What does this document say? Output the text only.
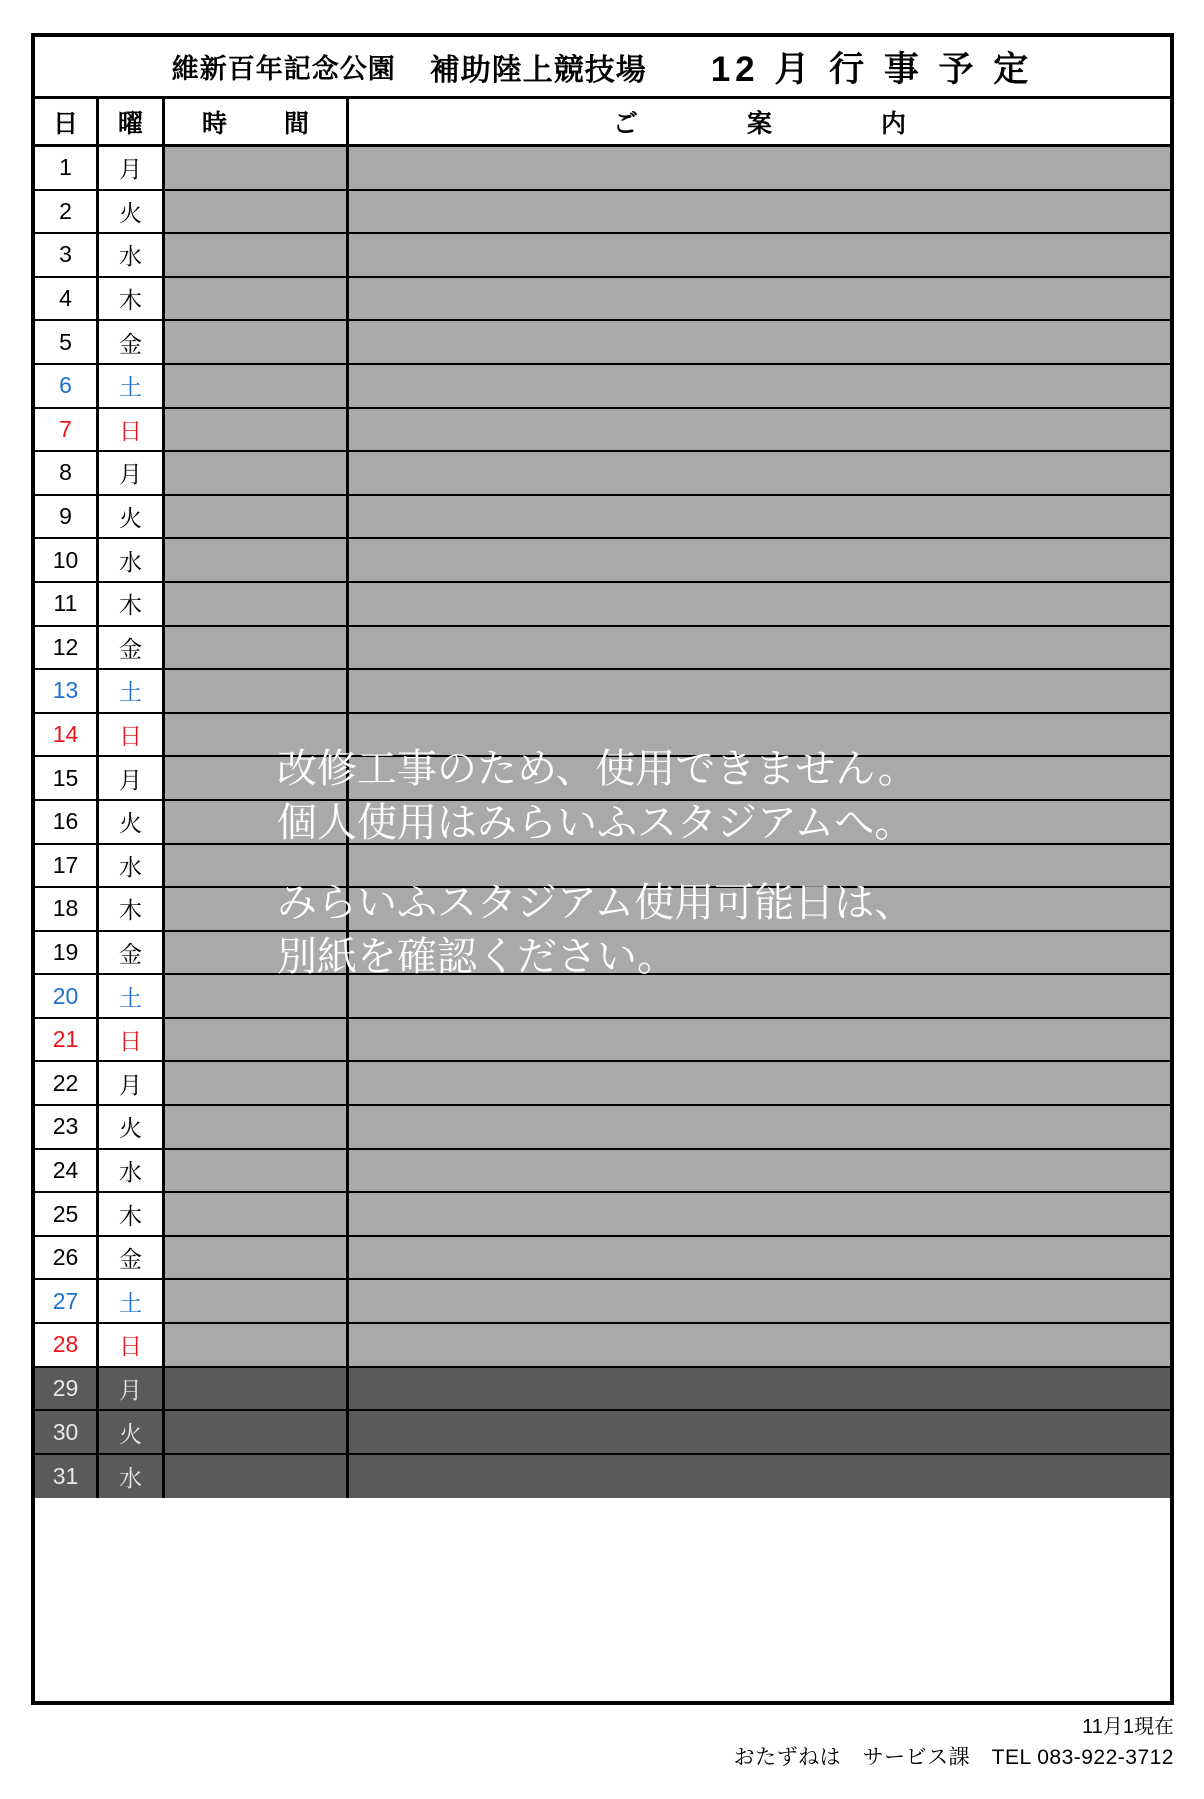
維新百年記念公園 補助陸上競技場 12 月 行 事 予 定
日	曜	時　間	ご　案　内
1	月
2	火
3	水
4	木
5	金
6	土
7	日
8	月
9	火
10	水
11	木
12	金
13	土
14	日
15	月
16	火
17	水
18	木
19	金
20	土
21	日
22	月
23	火
24	水
25	木
26	金
27	土
28	日
29	月
30	火
31	水
改修工事のため、使用できません。
個人使用はみらいふスタジアムへ。
みらいふスタジアム使用可能日は、
別紙を確認ください。
11月1現在
おたずねは　サービス課　TEL 083-922-3712
